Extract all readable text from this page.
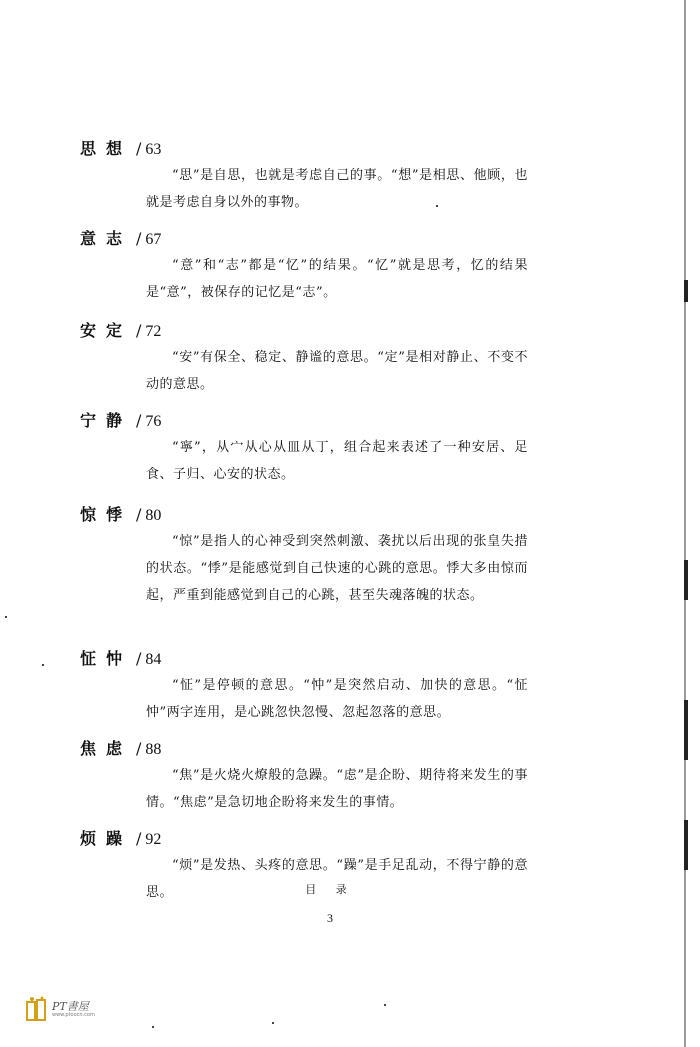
思想 / 63

“思”是自思，也就是考虑自己的事。“想”是相思、他顾，也就是考虑自身以外的事物。

意志 / 67

“意”和“志”都是“忆”的结果。“忆”就是思考，忆的结果是“意”，被保存的记忆是“志”。

安定 / 72

“安”有保全、稳定、静谧的意思。“定”是相对静止、不变不动的意思。

宁静 / 76

“寧”，从宀从心从皿从丁，组合起来表述了一种安居、足食、子归、心安的状态。

惊悸 / 80

“惊”是指人的心神受到突然刺激、袭扰以后出现的张皇失措的状态。“悸”是能感觉到自己快速的心跳的意思。悸大多由惊而起，严重到能感觉到自己的心跳，甚至失魂落魄的状态。

怔忡 / 84

“怔”是停顿的意思。“忡”是突然启动、加快的意思。“怔忡”两字连用，是心跳忽快忽慢、忽起忽落的意思。

焦虑 / 88

“焦”是火烧火燎般的急躁。“虑”是企盼、期待将来发生的事情。“焦虑”是急切地企盼将来发生的事情。

烦躁 / 92

“烦”是发热、头疼的意思。“躁”是手足乱动，不得宁静的意思。	目 录
3
PT書屋
www.ptoocn.com
